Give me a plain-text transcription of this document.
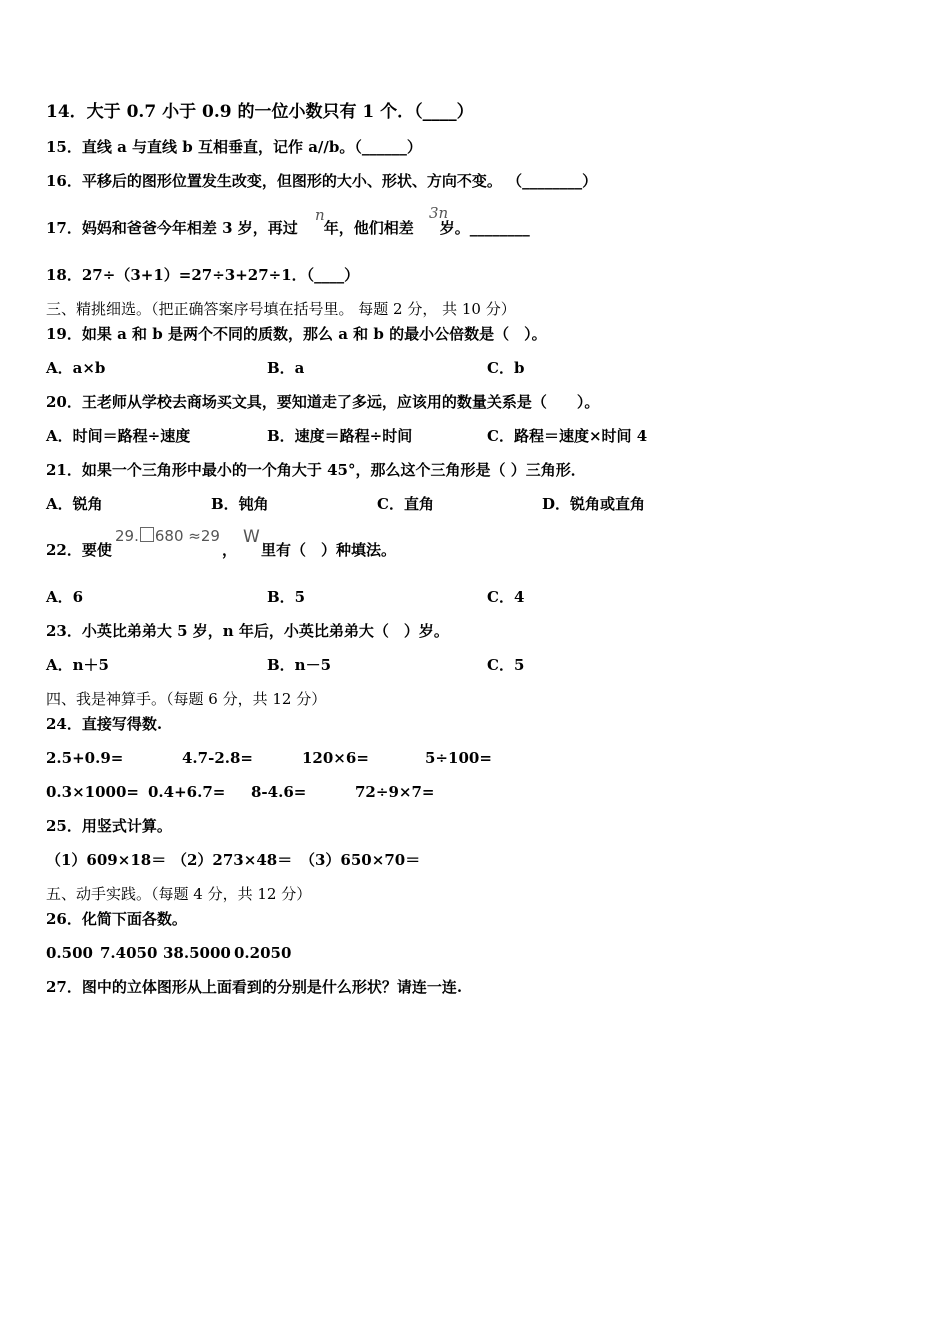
14．大于 0.7 小于 0.9 的一位小数只有 1 个．（____）
15．直线 a 与直线 b 互相垂直，记作 a//b。（______）
16．平移后的图形位置发生改变，但图形的大小、形状、方向不变。 （________）
17．妈妈和爸爸今年相差 3 岁，再过 年，他们相差 岁。________
n	3n
18．27÷（3+1）=27÷3+27÷1．（____）
三、精挑细选。（把正确答案序号填在括号里。 每题 2 分， 共 10 分）
19．如果 a 和 b 是两个不同的质数，那么 a 和 b 的最小公倍数是（　）。
A．a×b	B．a	C．b
20．王老师从学校去商场买文具，要知道走了多远，应该用的数量关系是（　　）。
A．时间＝路程÷速度	B．速度＝路程÷时间	C．路程＝速度×时间 4
21．如果一个三角形中最小的一个角大于 45°，那么这个三角形是（ ）三角形．
A．锐角	B．钝角	C．直角	D．锐角或直角
22．要使
29. 680 ≈29
，
W
里有（　）种填法。
A．6	B．5	C．4
23．小英比弟弟大 5 岁，n 年后，小英比弟弟大（　）岁。
A．n＋5	B．n－5	C．5
四、我是神算手。（每题 6 分，共 12 分）
24．直接写得数.
2.5+0.9=	4.7-2.8=	120×6=	5÷100=
0.3×1000= 0.4+6.7= 8-4.6=	72÷9×7=
25．用竖式计算。
（1）609×18＝ （2）273×48＝ （3）650×70＝
五、动手实践。（每题 4 分，共 12 分）
26．化简下面各数。
0.500 7.4050 38.5000 0.2050
27．图中的立体图形从上面看到的分别是什么形状？请连一连.
